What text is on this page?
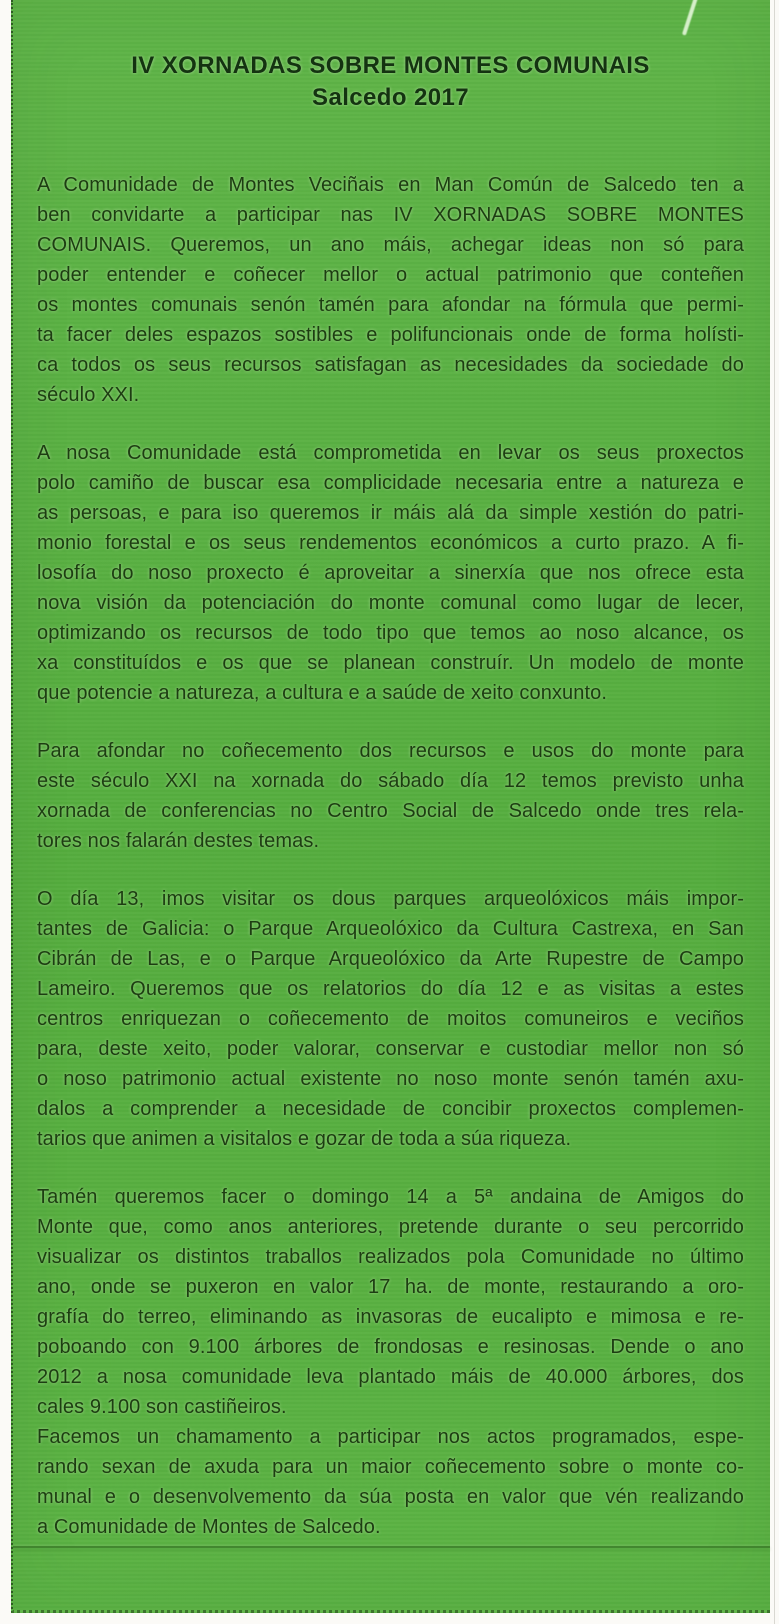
IV XORNADAS SOBRE MONTES COMUNAIS
Salcedo 2017
A Comunidade de Montes Veciñais en Man Común de Salcedo ten a
ben convidarte a participar nas IV XORNADAS SOBRE MONTES
COMUNAIS. Queremos, un ano máis, achegar ideas non só para
poder entender e coñecer mellor o actual patrimonio que conteñen
os montes comunais senón tamén para afondar na fórmula que permi-
ta facer deles espazos sostibles e polifuncionais onde de forma holísti-
ca todos os seus recursos satisfagan as necesidades da sociedade do
século XXI.
A nosa Comunidade está comprometida en levar os seus proxectos
polo camiño de buscar esa complicidade necesaria entre a natureza e
as persoas, e para iso queremos ir máis alá da simple xestión do patri-
monio forestal e os seus rendementos económicos a curto prazo. A fi-
losofía do noso proxecto é aproveitar a sinerxía que nos ofrece esta
nova visión da potenciación do monte comunal como lugar de lecer,
optimizando os recursos de todo tipo que temos ao noso alcance, os
xa constituídos e os que se planean construír. Un modelo de monte
que potencie a natureza, a cultura e a saúde de xeito conxunto.
Para afondar no coñecemento dos recursos e usos do monte para
este século XXI na xornada do sábado día 12 temos previsto unha
xornada de conferencias no Centro Social de Salcedo onde tres rela-
tores nos falarán destes temas.
O día 13, imos visitar os dous parques arqueolóxicos máis impor-
tantes de Galicia: o Parque Arqueolóxico da Cultura Castrexa, en San
Cibrán de Las, e o Parque Arqueolóxico da Arte Rupestre de Campo
Lameiro. Queremos que os relatorios do día 12 e as visitas a estes
centros enriquezan o coñecemento de moitos comuneiros e veciños
para, deste xeito, poder valorar, conservar e custodiar mellor non só
o noso patrimonio actual existente no noso monte senón tamén axu-
dalos a comprender a necesidade de concibir proxectos complemen-
tarios que animen a visitalos e gozar de toda a súa riqueza.
Tamén queremos facer o domingo 14 a 5ª andaina de Amigos do
Monte que, como anos anteriores, pretende durante o seu percorrido
visualizar os distintos traballos realizados pola Comunidade no último
ano, onde se puxeron en valor 17 ha. de monte, restaurando a oro-
grafía do terreo, eliminando as invasoras de eucalipto e mimosa e re-
poboando con 9.100 árbores de frondosas e resinosas. Dende o ano
2012 a nosa comunidade leva plantado máis de 40.000 árbores, dos
cales 9.100 son castiñeiros.
Facemos un chamamento a participar nos actos programados, espe-
rando sexan de axuda para un maior coñecemento sobre o monte co-
munal e o desenvolvemento da súa posta en valor que vén realizando
a Comunidade de Montes de Salcedo.
